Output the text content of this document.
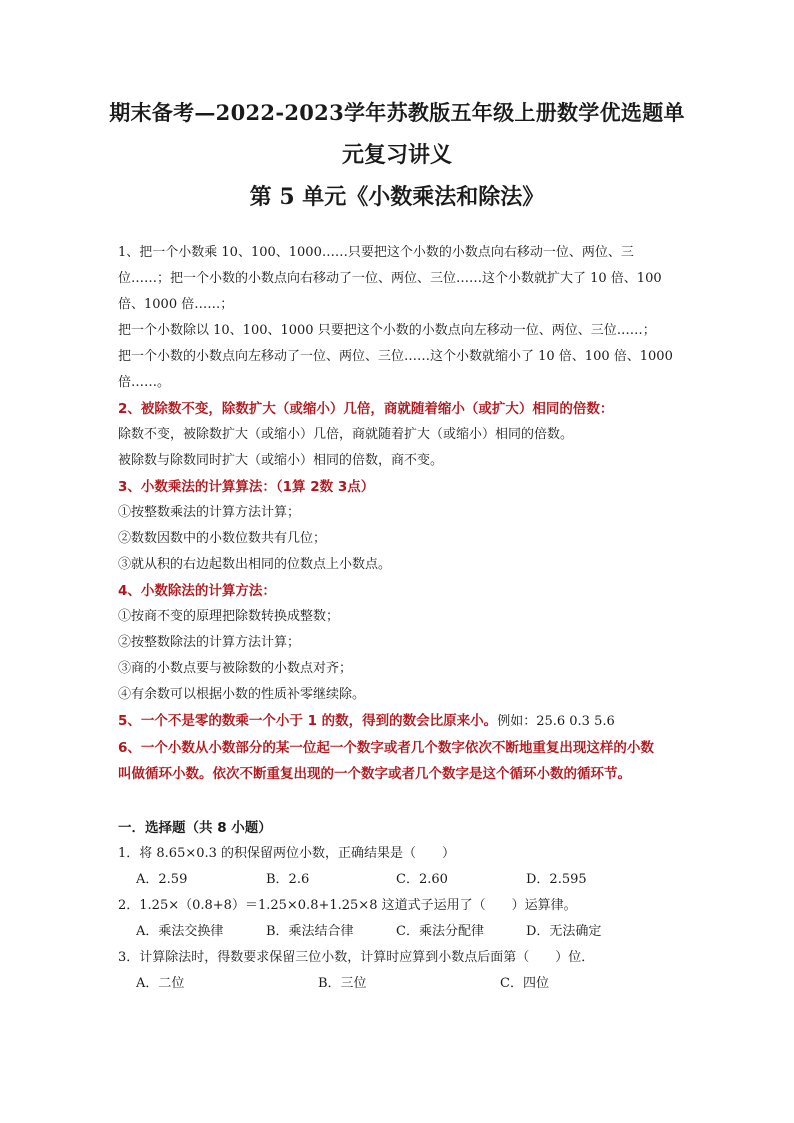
期末备考—2022-2023学年苏教版五年级上册数学优选题单

元复习讲义

第 5 单元《小数乘法和除法》

1、把一个小数乘 10、100、1000……只要把这个小数的小数点向右移动一位、两位、三

位……；把一个小数的小数点向右移动了一位、两位、三位……这个小数就扩大了 10 倍、100

倍、1000 倍……；

把一个小数除以 10、100、1000 只要把这个小数的小数点向左移动一位、两位、三位……；

把一个小数的小数点向左移动了一位、两位、三位……这个小数就缩小了 10 倍、100 倍、1000

倍……。

2、被除数不变，除数扩大（或缩小）几倍，商就随着缩小（或扩大）相同的倍数：

除数不变，被除数扩大（或缩小）几倍，商就随着扩大（或缩小）相同的倍数。

被除数与除数同时扩大（或缩小）相同的倍数，商不变。

3、小数乘法的计算算法：（1算 2数 3点）

①按整数乘法的计算方法计算；

②数数因数中的小数位数共有几位；

③就从积的右边起数出相同的位数点上小数点。

4、小数除法的计算方法：

①按商不变的原理把除数转换成整数；

②按整数除法的计算方法计算；

③商的小数点要与被除数的小数点对齐；

④有余数可以根据小数的性质补零继续除。

5、一个不是零的数乘一个小于 1 的数，得到的数会比原来小。例如：25.6 0.3 5.6

6、一个小数从小数部分的某一位起一个数字或者几个数字依次不断地重复出现这样的小数

叫做循环小数。依次不断重复出现的一个数字或者几个数字是这个循环小数的循环节。

一．选择题（共 8 小题）

1．将 8.65×0.3 的积保留两位小数，正确结果是（　　）

A．2.59	B．2.6	C．2.60	D．2.595

2．1.25×（0.8+8）＝1.25×0.8+1.25×8 这道式子运用了（　　）运算律。

A．乘法交换律	B．乘法结合律	C．乘法分配律	D．无法确定

3．计算除法时，得数要求保留三位小数，计算时应算到小数点后面第（　　）位．

A．二位	B．三位	C．四位
